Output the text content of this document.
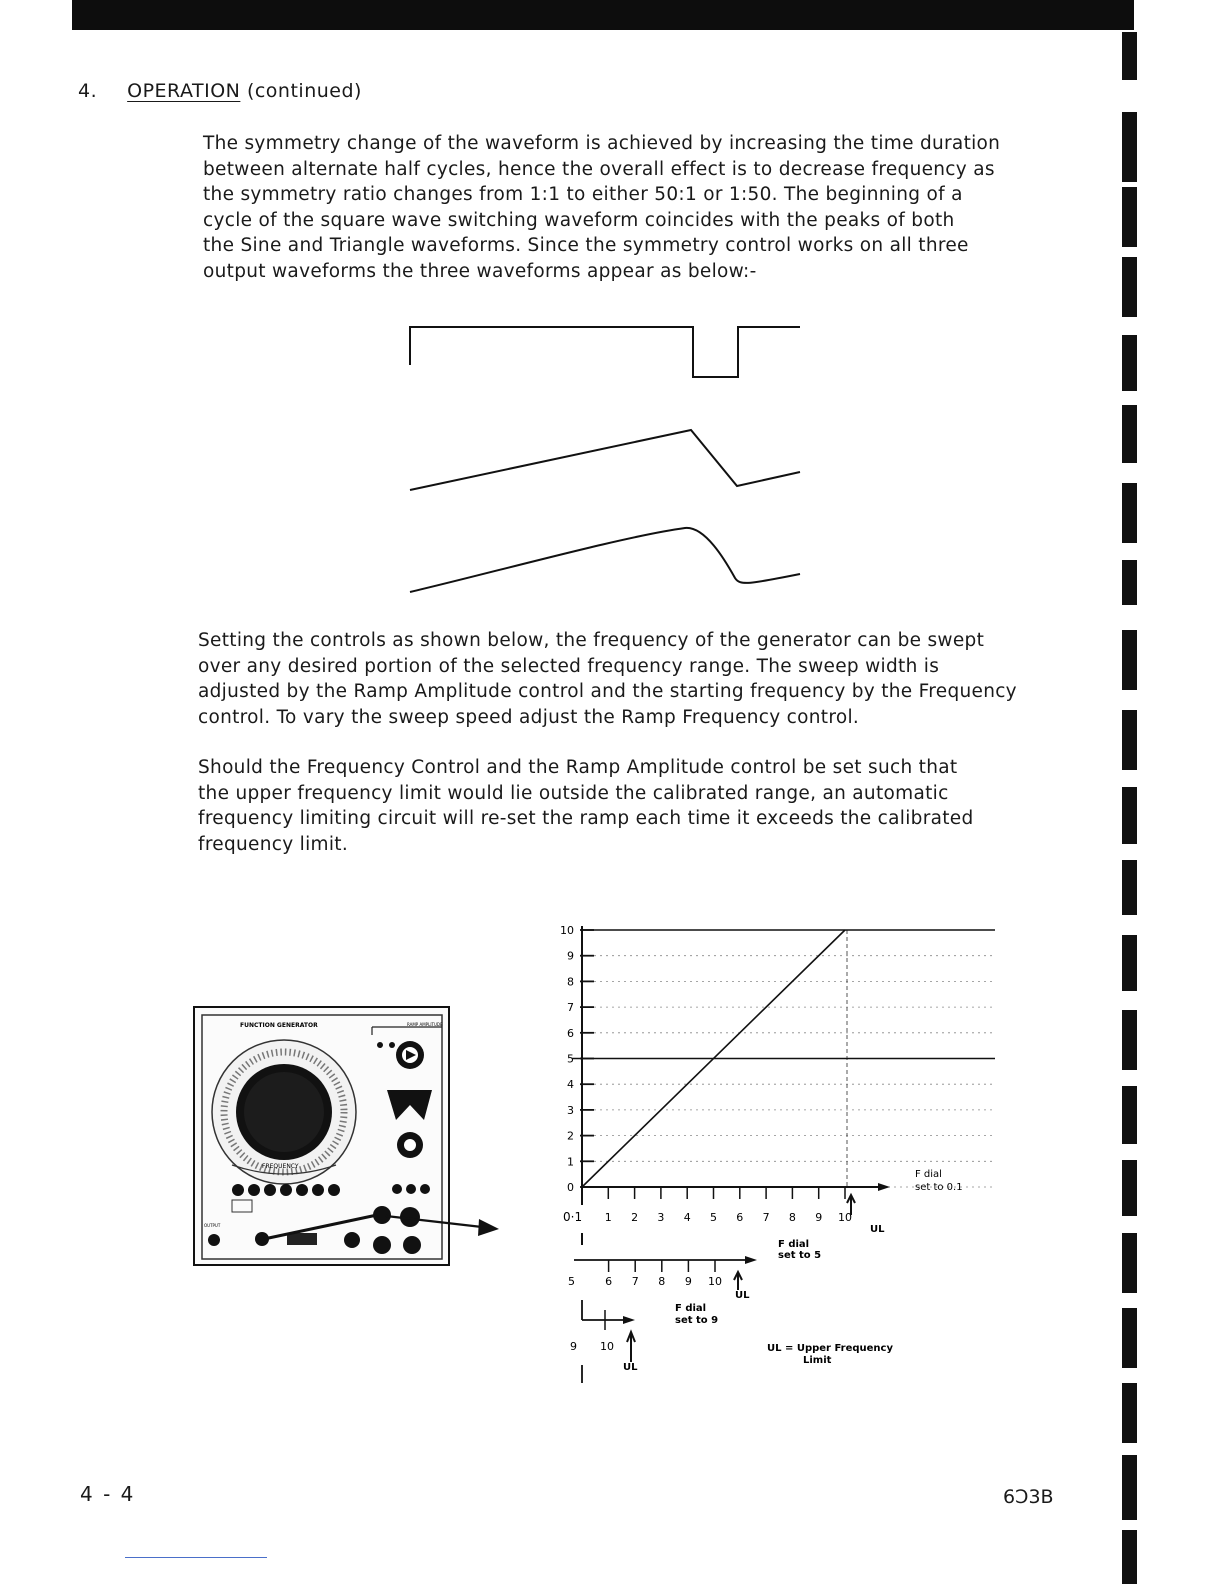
4. OPERATION (continued)

The symmetry change of the waveform is achieved by increasing the time duration
between alternate half cycles, hence the overall effect is to decrease frequency as
the symmetry ratio changes from 1:1 to either 50:1 or 1:50. The beginning of a
cycle of the square wave switching waveform coincides with the peaks of both
the Sine and Triangle waveforms. Since the symmetry control works on all three
output waveforms the three waveforms appear as below:-

Setting the controls as shown below, the frequency of the generator can be swept
over any desired portion of the selected frequency range. The sweep width is
adjusted by the Ramp Amplitude control and the starting frequency by the Frequency
control. To vary the sweep speed adjust the Ramp Frequency control.

Should the Frequency Control and the Ramp Amplitude control be set such that
the upper frequency limit would lie outside the calibrated range, an automatic
frequency limiting circuit will re-set the ramp each time it exceeds the calibrated
frequency limit.

FUNCTION GENERATOR	RAMP AMPLITUDE
FREQUENCY
OUTPUT
10
9
8
7
6
5
4
3
2
1
0
1 2 3 4 5 6 7 8 9 10
0·1
UL
F dial
set to 0.1
5	6 7 8 9 10
UL
F dial
set to 5
9 10
UL
F dial
set to 9
UL = Upper Frequency
Limit
4 - 4	6Ɔ3B
